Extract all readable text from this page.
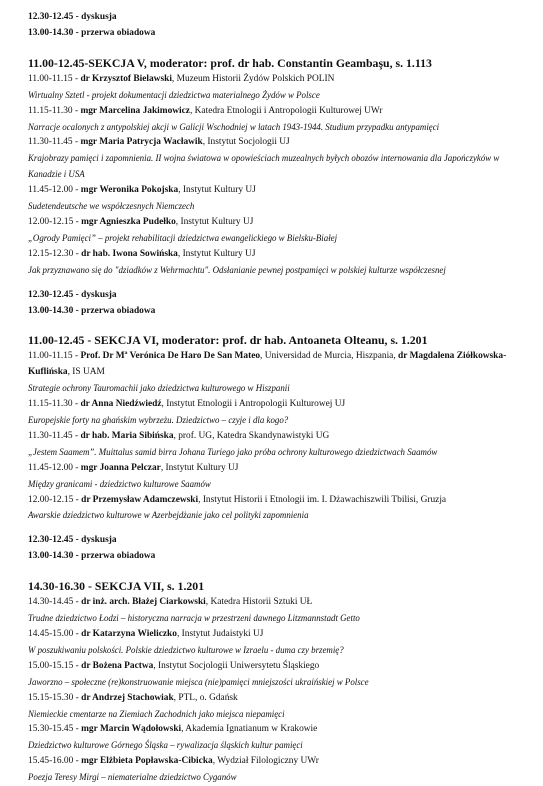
12.30-12.45 - dyskusja
13.00-14.30 - przerwa obiadowa
11.00-12.45-SEKCJA V, moderator: prof. dr hab. Constantin Geambaşu, s. 1.113
11.00-11.15 - dr Krzysztof Bielawski, Muzeum Historii Żydów Polskich POLIN
Wirtualny Sztetl - projekt dokumentacji dziedzictwa materialnego Żydów w Polsce
11.15-11.30 - mgr Marcelina Jakimowicz, Katedra Etnologii i Antropologii Kulturowej UWr
Narracje ocalonych z antypolskiej akcji w Galicji Wschodniej w latach 1943-1944. Studium przypadku antypamięci
11.30-11.45 - mgr Maria Patrycja Wacławik, Instytut Socjologii UJ
Krajobrazy pamięci i zapomnienia. II wojna światowa w opowieściach muzealnych byłych obozów internowania dla Japończyków w Kanadzie i USA
11.45-12.00 - mgr Weronika Pokojska, Instytut Kultury UJ
Sudetendeutsche we współczesnych Niemczech
12.00-12.15 - mgr Agnieszka Pudełko, Instytut Kultury UJ
„Ogrody Pamięci” – projekt rehabilitacji dziedzictwa ewangelickiego w Bielsku-Białej
12.15-12.30 - dr hab. Iwona Sowińska, Instytut Kultury UJ
Jak przyznawano się do "dziadków z Wehrmachtu". Odsłanianie pewnej postpamięci w polskiej kulturze współczesnej
12.30-12.45 - dyskusja
13.00-14.30 - przerwa obiadowa
11.00-12.45 - SEKCJA VI, moderator: prof. dr hab. Antoaneta Olteanu, s. 1.201
11.00-11.15 - Prof. Dr Mª Verónica De Haro De San Mateo, Universidad de Murcia, Hiszpania, dr Magdalena Ziółkowska-Kuflińska, IS UAM
Strategie ochrony Tauromachii jako dziedzictwa kulturowego w Hiszpanii
11.15-11.30 - dr Anna Niedźwiedź, Instytut Etnologii i Antropologii Kulturowej UJ
Europejskie forty na ghańskim wybrzeżu. Dziedzictwo – czyje i dla kogo?
11.30-11.45 - dr hab. Maria Sibińska, prof. UG, Katedra Skandynawistyki UG
„Jestem Saamem”. Muittalus samid birra Johana Turiego jako próba ochrony kulturowego dziedzictwach Saamów
11.45-12.00 - mgr Joanna Pelczar, Instytut Kultury UJ
Między granicami - dziedzictwo kulturowe Saamów
12.00-12.15 - dr Przemysław Adamczewski, Instytut Historii i Etnologii im. I. Dżawachiszwili Tbilisi, Gruzja
Awarskie dziedzictwo kulturowe w Azerbejdżanie jako cel polityki zapomnienia
12.30-12.45 - dyskusja
13.00-14.30 - przerwa obiadowa
14.30-16.30 - SEKCJA VII, s. 1.201
14.30-14.45 - dr inż. arch. Błażej Ciarkowski, Katedra Historii Sztuki UŁ
Trudne dziedzictwo Łodzi – historyczna narracja w przestrzeni dawnego Litzmannstadt Getto
14.45-15.00 - dr Katarzyna Wieliczko, Instytut Judaistyki UJ
W poszukiwaniu polskości. Polskie dziedzictwo kulturowe w Izraelu - duma czy brzemię?
15.00-15.15 - dr Bożena Pactwa, Instytut Socjologii Uniwersytetu Śląskiego
Jaworzno – społeczne (re)konstruowanie miejsca (nie)pamięci mniejszości ukraińskiej w Polsce
15.15-15.30 - dr Andrzej Stachowiak, PTL, o. Gdańsk
Niemieckie cmentarze na Ziemiach Zachodnich jako miejsca niepamięci
15.30-15.45 - mgr Marcin Wądołowski, Akademia Ignatianum w Krakowie
Dziedzictwo kulturowe Górnego Śląska – rywalizacja śląskich kultur pamięci
15.45-16.00 - mgr Elżbieta Popławska-Cibicka, Wydział Filologiczny UWr
Poezja Teresy Mirgi – niematerialne dziedzictwo Cyganów
